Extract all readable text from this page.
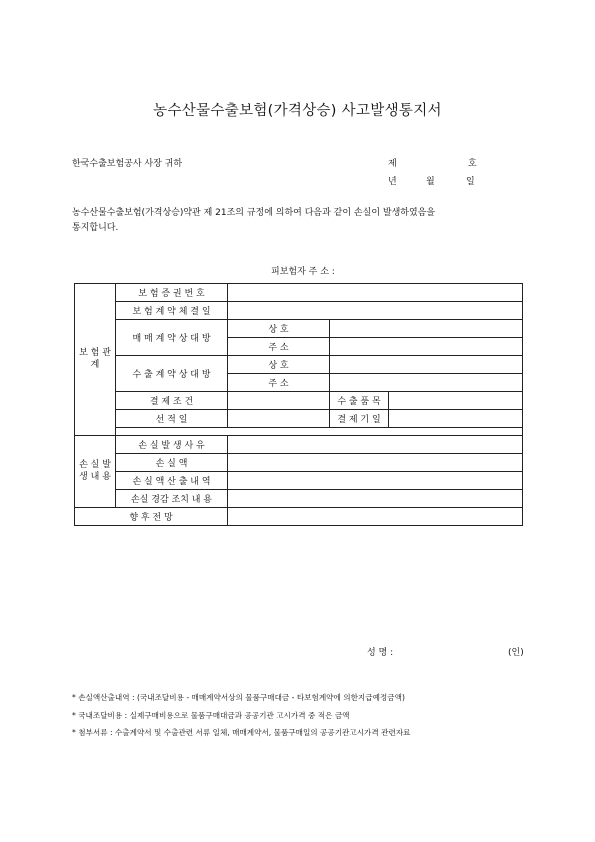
농수산물수출보험(가격상승) 사고발생통지서
한국수출보험공사 사장 귀하	제	호
년	월	일
농수산물수출보험(가격상승)약관 제 21조의 규정에 의하여 다음과 같이 손실이 발생하였음을
통지합니다.
피보험자 주 소 :
보 험 관 계	보 험 증 권 번 호			
	보 험 계 약 체 결 일			
	매 매 계 약 상 대 방	상 호		
		주 소		
	수 출 계 약 상 대 방	상 호		
		주 소		
	결 제 조 건		수 출 품 목	
	선 적 일		결 제 기 일	

손 실 발 생 내 용	손 실 발 생 사 유			
	손 실 액			
	손 실 액 산 출 내 역			
	손실 경감 조치 내 용			
향 후 전 망				
성 명 :	(인)
* 손실액산출내역 : (국내조달비용 - 매매계약서상의 물품구매대금 - 타보험계약에 의한지급예정금액)
* 국내조달비용 : 실제구매비용으로 물품구매대금과 공공기관 고시가격 중 적은 금액
* 첨부서류 : 수출계약서 및 수출관련 서류 일체, 매매계약서, 물품구매일의 공공기관고시가격 관련자료
